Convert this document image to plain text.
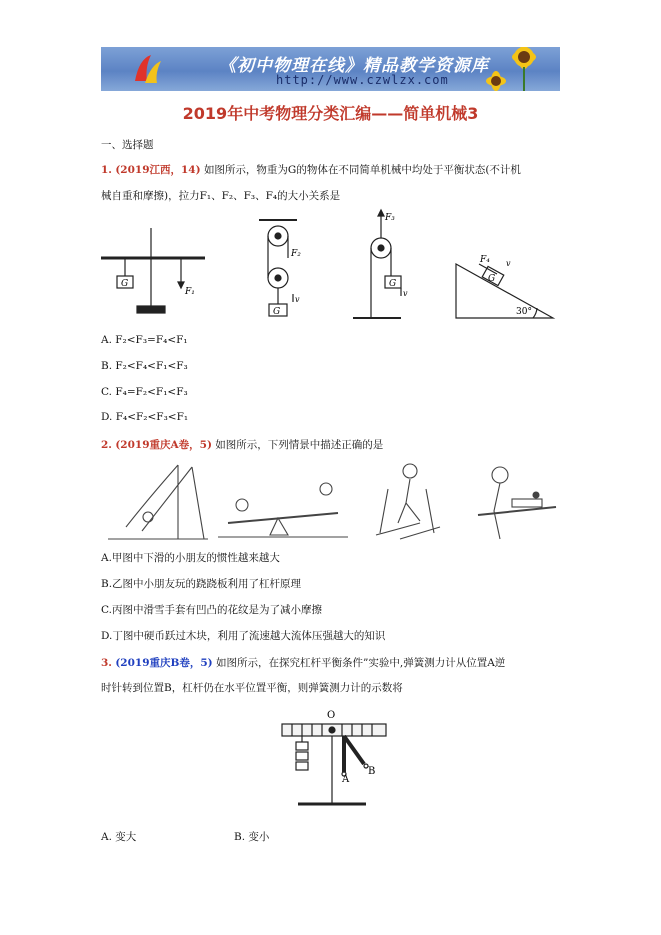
《初中物理在线》精品教学资源库
http://www.czwlzx.com
2019年中考物理分类汇编——简单机械3
一、选择题
1. (2019江西，14) 如图所示，物重为G的物体在不同简单机械中均处于平衡状态(不计机
械自重和摩擦)，拉力F₁、F₂、F₃、F₄的大小关系是
G
F₁
F₂
G
v
F₃
G
v
F₄
G
v
30°
A. F₂<F₃=F₄<F₁
B. F₂<F₄<F₁<F₃
C. F₄=F₂<F₁<F₃
D. F₄<F₂<F₃<F₁
2. (2019重庆A卷，5) 如图所示，下列情景中描述正确的是
A.甲图中下滑的小朋友的惯性越来越大
B.乙图中小朋友玩的跷跷板利用了杠杆原理
C.丙图中滑雪手套有凹凸的花纹是为了减小摩擦
D.丁图中硬币跃过木块，利用了流速越大流体压强越大的知识
3. (2019重庆B卷，5) 如图所示，在探究杠杆平衡条件”实验中,弹簧测力计从位置A逆
时针转到位置B，杠杆仍在水平位置平衡，则弹簧测力计的示数将
O
A
B
A. 变大	B. 变小
